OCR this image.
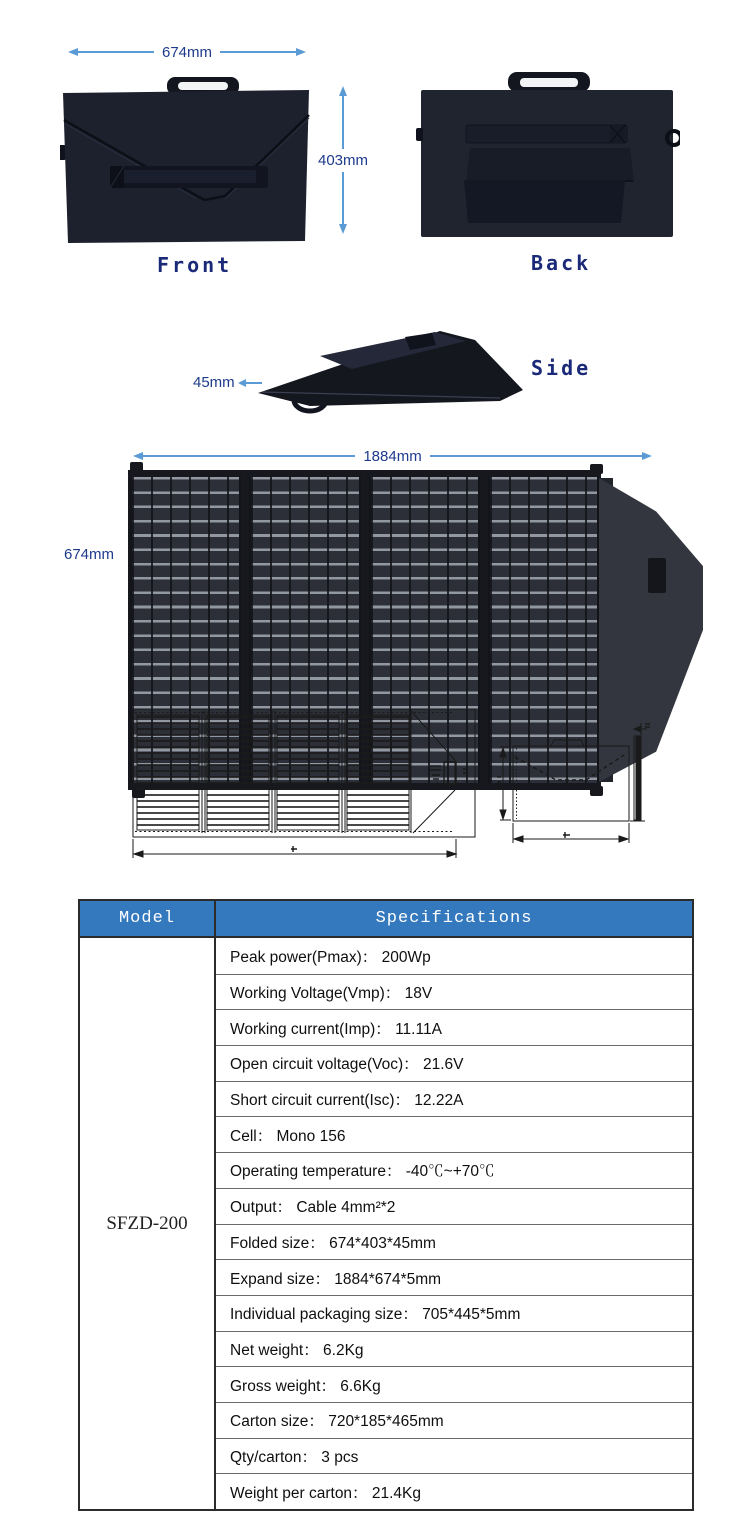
674mm
403mm
Front	Back
45mm
Side
1884mm
674mm
Model	Specifications
SFZD-200
Peak power(Pmax)： 200Wp
Working Voltage(Vmp)： 18V
Working current(Imp)： 11.11A
Open circuit voltage(Voc)： 21.6V
Short circuit current(Isc)： 12.22A
Cell： Mono 156
Operating temperature： -40℃~+70℃
Output： Cable 4mm²*2
Folded size： 674*403*45mm
Expand size： 1884*674*5mm
Individual packaging size： 705*445*5mm
Net weight： 6.2Kg
Gross weight： 6.6Kg
Carton size： 720*185*465mm
Qty/carton： 3 pcs
Weight per carton： 21.4Kg
